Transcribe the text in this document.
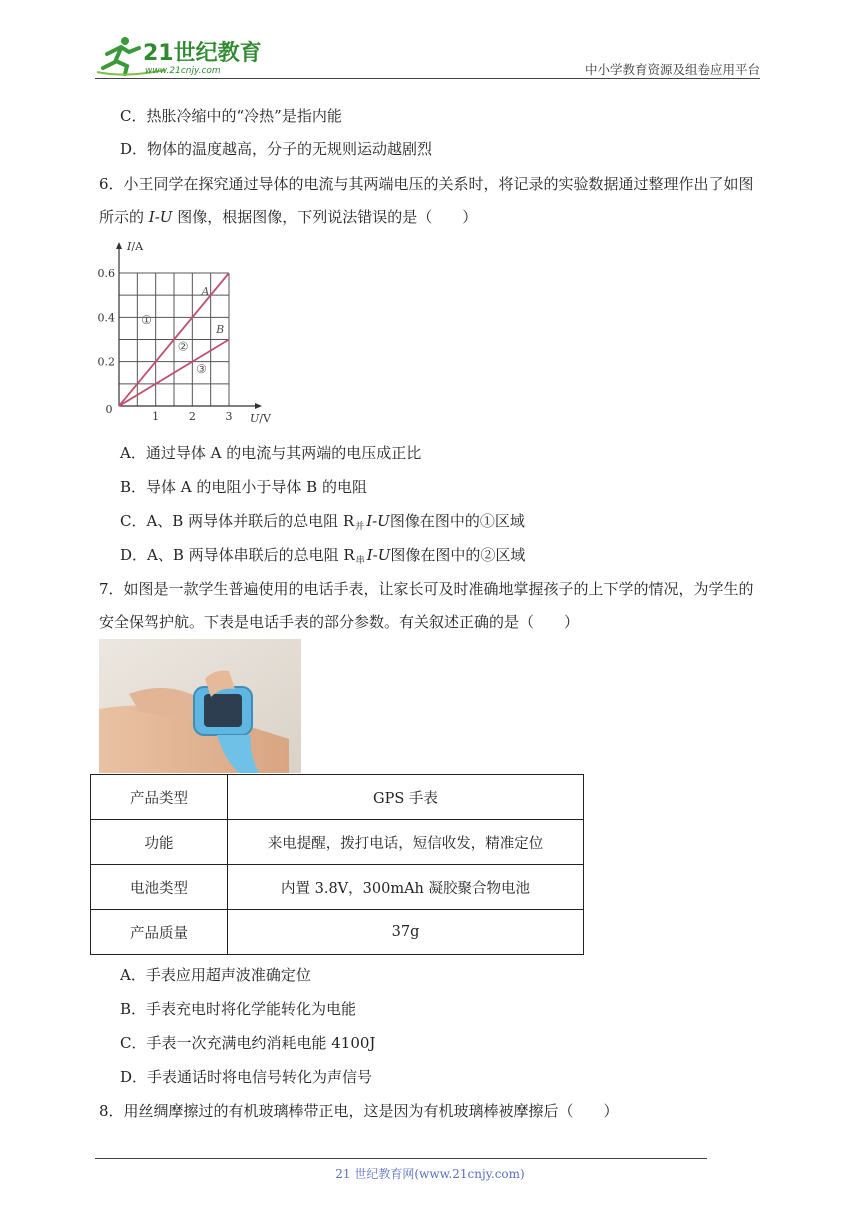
21世纪教育
www.21cnjy.com	中小学教育资源及组卷应用平台
C．热胀冷缩中的“冷热”是指内能
D．物体的温度越高，分子的无规则运动越剧烈
6．小王同学在探究通过导体的电流与其两端电压的关系时，将记录的实验数据通过整理作出了如图
所示的 I-U 图像，根据图像，下列说法错误的是（　　）
A
B
①
②
③
1	2	3
0.2
0.4
0.6
0
I/A
U/V
A．通过导体 A 的电流与其两端的电压成正比
B．导体 A 的电阻小于导体 B 的电阻
C．A、B 两导体并联后的总电阻 $R_并$ I-U图像在图中的①区域
D．A、B 两导体串联后的总电阻 $R_串$ I-U图像在图中的②区域
7．如图是一款学生普遍使用的电话手表，让家长可及时准确地掌握孩子的上下学的情况，为学生的
安全保驾护航。下表是电话手表的部分参数。有关叙述正确的是（　　）
产品类型	GPS 手表
功能	来电提醒，拨打电话，短信收发，精准定位
电池类型	内置 3.8V，300mAh 凝胶聚合物电池
产品质量	37g
A．手表应用超声波准确定位
B．手表充电时将化学能转化为电能
C．手表一次充满电约消耗电能 4100J
D．手表通话时将电信号转化为声信号
8．用丝绸摩擦过的有机玻璃棒带正电，这是因为有机玻璃棒被摩擦后（　　）
21 世纪教育网(www.21cnjy.com)
